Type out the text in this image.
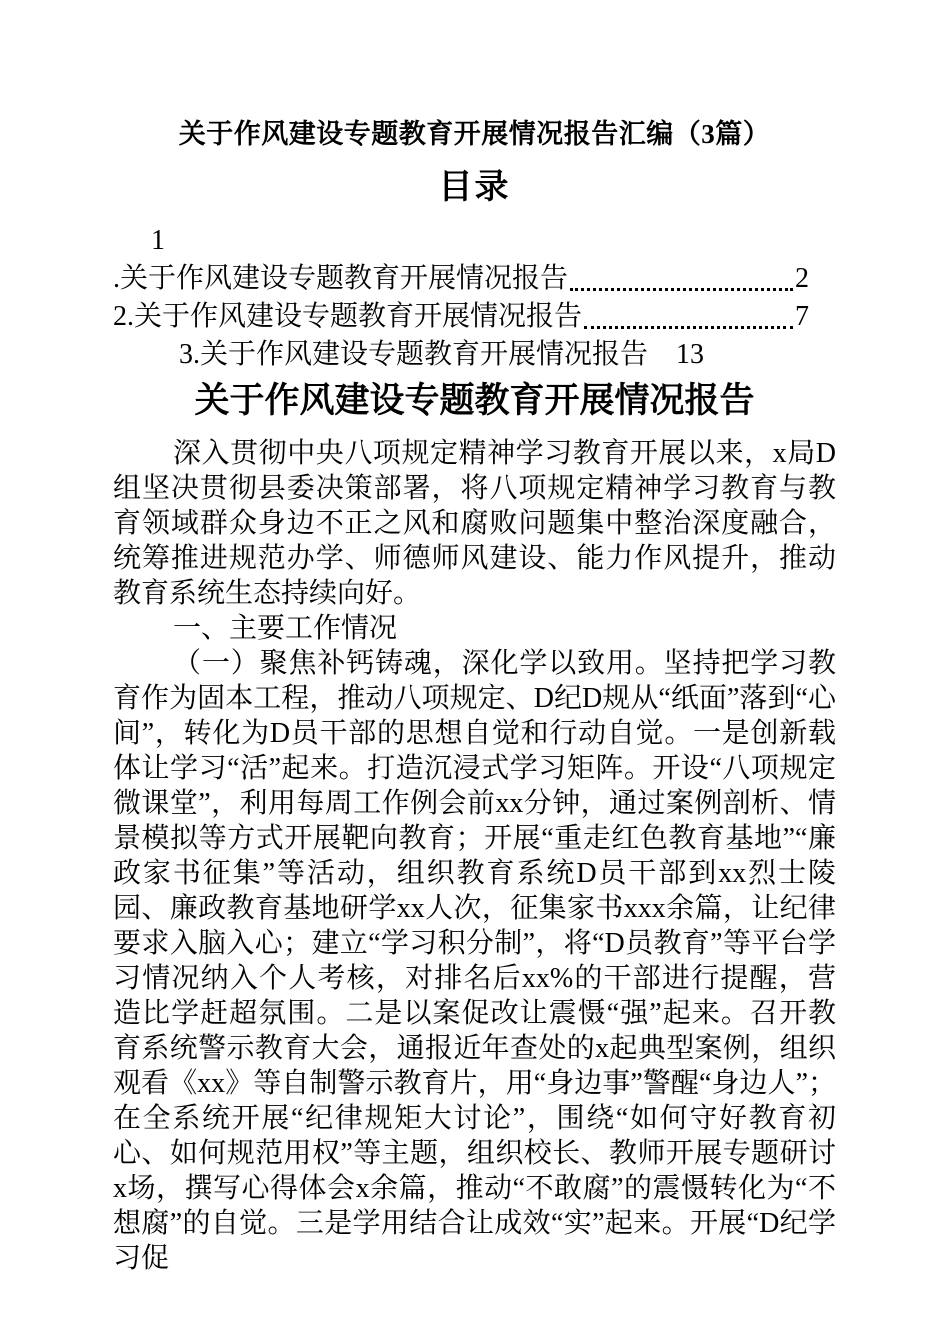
关于作风建设专题教育开展情况报告汇编（3篇）
目录
1
.关于作风建设专题教育开展情况报告	2
2.关于作风建设专题教育开展情况报告	7
3.关于作风建设专题教育开展情况报告 13
关于作风建设专题教育开展情况报告

深入贯彻中央八项规定精神学习教育开展以来，x局D组坚决贯彻县委决策部署，将八项规定精神学习教育与教育领域群众身边不正之风和腐败问题集中整治深度融合，统筹推进规范办学、师德师风建设、能力作风提升，推动教育系统生态持续向好。

一、主要工作情况

（一）聚焦补钙铸魂，深化学以致用。坚持把学习教育作为固本工程，推动八项规定、D纪D规从“纸面”落到“心间”，转化为D员干部的思想自觉和行动自觉。一是创新载体让学习“活”起来。打造沉浸式学习矩阵。开设“八项规定微课堂”，利用每周工作例会前xx分钟，通过案例剖析、情景模拟等方式开展靶向教育；开展“重走红色教育基地”“廉政家书征集”等活动，组织教育系统D员干部到xx烈士陵园、廉政教育基地研学xx人次，征集家书xxx余篇，让纪律要求入脑入心；建立“学习积分制”，将“D员教育”等平台学习情况纳入个人考核，对排名后xx%的干部进行提醒，营造比学赶超氛围。二是以案促改让震慑“强”起来。召开教育系统警示教育大会，通报近年查处的x起典型案例，组织观看《xx》等自制警示教育片，用“身边事”警醒“身边人”；在全系统开展“纪律规矩大讨论”，围绕“如何守好教育初心、如何规范用权”等主题，组织校长、教师开展专题研讨x场，撰写心得体会x余篇，推动“不敢腐”的震慑转化为“不想腐”的自觉。三是学用结合让成效“实”起来。开展“D纪学习促
